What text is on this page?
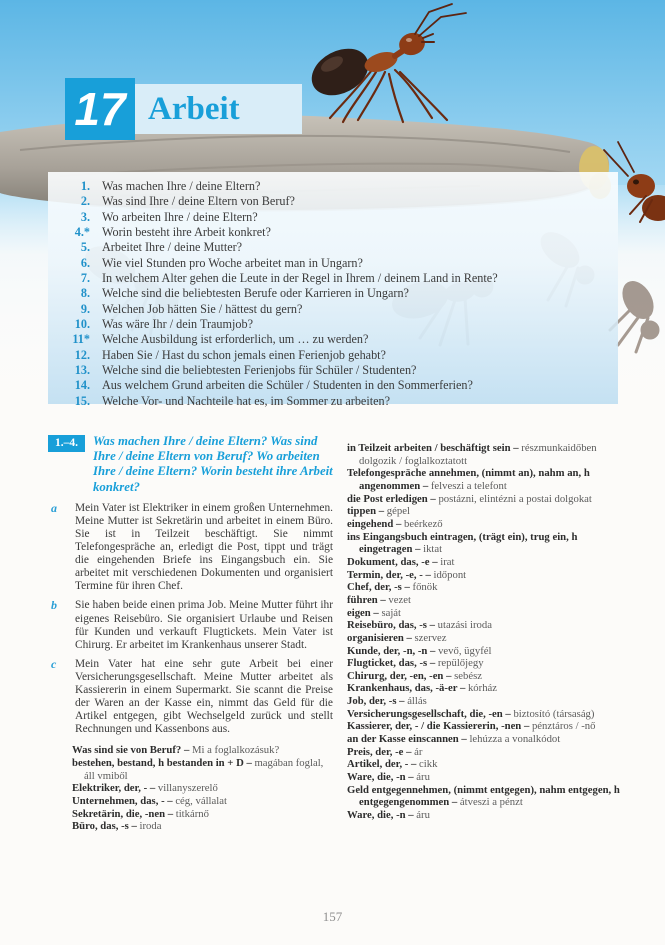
17 Arbeit
1. Was machen Ihre / deine Eltern?
2. Was sind Ihre / deine Eltern von Beruf?
3. Wo arbeiten Ihre / deine Eltern?
4.* Worin besteht ihre Arbeit konkret?
5. Arbeitet Ihre / deine Mutter?
6. Wie viel Stunden pro Woche arbeitet man in Ungarn?
7. In welchem Alter gehen die Leute in der Regel in Ihrem / deinem Land in Rente?
8. Welche sind die beliebtesten Berufe oder Karrieren in Ungarn?
9. Welchen Job hätten Sie / hättest du gern?
10. Was wäre Ihr / dein Traumjob?
11* Welche Ausbildung ist erforderlich, um … zu werden?
12. Haben Sie / Hast du schon jemals einen Ferienjob gehabt?
13. Welche sind die beliebtesten Ferienjobs für Schüler / Studenten?
14. Aus welchem Grund arbeiten die Schüler / Studenten in den Sommerferien?
15. Welche Vor- und Nachteile hat es, im Sommer zu arbeiten?
1.–4.	Was machen Ihre / deine Eltern? Was sind Ihre / deine Eltern von Beruf? Wo arbeiten Ihre / deine Eltern? Worin besteht ihre Arbeit konkret?

a Mein Vater ist Elektriker in einem großen Unternehmen. Meine Mutter ist Sekretärin und arbeitet in einem Büro. Sie ist in Teilzeit beschäftigt. Sie nimmt Telefongespräche an, erledigt die Post, tippt und trägt die eingehenden Briefe ins Eingangsbuch ein. Sie arbeitet mit verschiedenen Dokumenten und organisiert Termine für ihren Chef.

b Sie haben beide einen prima Job. Meine Mutter führt ihr eigenes Reisebüro. Sie organisiert Urlaube und Reisen für Kunden und verkauft Flugtickets. Mein Vater ist Chirurg. Er arbeitet im Krankenhaus unserer Stadt.

c Mein Vater hat eine sehr gute Arbeit bei einer Versicherungsgesellschaft. Meine Mutter arbeitet als Kassiererin in einem Supermarkt. Sie scannt die Preise der Waren an der Kasse ein, nimmt das Geld für die Artikel entgegen, gibt Wechselgeld zurück und stellt Rechnungen und Kassenbons aus.

Was sind sie von Beruf? – Mi a foglalkozásuk?

bestehen, bestand, h bestanden in + D – magában foglal, áll vmiből

Elektriker, der, - – villanyszerelő

Unternehmen, das, - – cég, vállalat

Sekretärin, die, -nen – titkárnő

Büro, das, -s – iroda

in Teilzeit arbeiten / beschäftigt sein – részmunkaidőben dolgozik / foglalkoztatott

Telefongespräche annehmen, (nimmt an), nahm an, h angenommen – felveszi a telefont

die Post erledigen – postázni, elintézni a postai dolgokat

tippen – gépel

eingehend – beérkező

ins Eingangsbuch eintragen, (trägt ein), trug ein, h eingetragen – iktat

Dokument, das, -e – irat

Termin, der, -e, - – időpont

Chef, der, -s – főnök

führen – vezet

eigen – saját

Reisebüro, das, -s – utazási iroda

organisieren – szervez

Kunde, der, -n, -n – vevő, ügyfél

Flugticket, das, -s – repülőjegy

Chirurg, der, -en, -en – sebész

Krankenhaus, das, -ä-er – kórház

Job, der, -s – állás

Versicherungsgesellschaft, die, -en – biztosító (társaság)

Kassierer, der, - / die Kassiererin, -nen – pénztáros / -nő

an der Kasse einscannen – lehúzza a vonalkódot

Preis, der, -e – ár

Artikel, der, - – cikk

Ware, die, -n – áru

Geld entgegennehmen, (nimmt entgegen), nahm entgegen, h entgegengenommen – átveszi a pénzt

Ware, die, -n – áru

157
